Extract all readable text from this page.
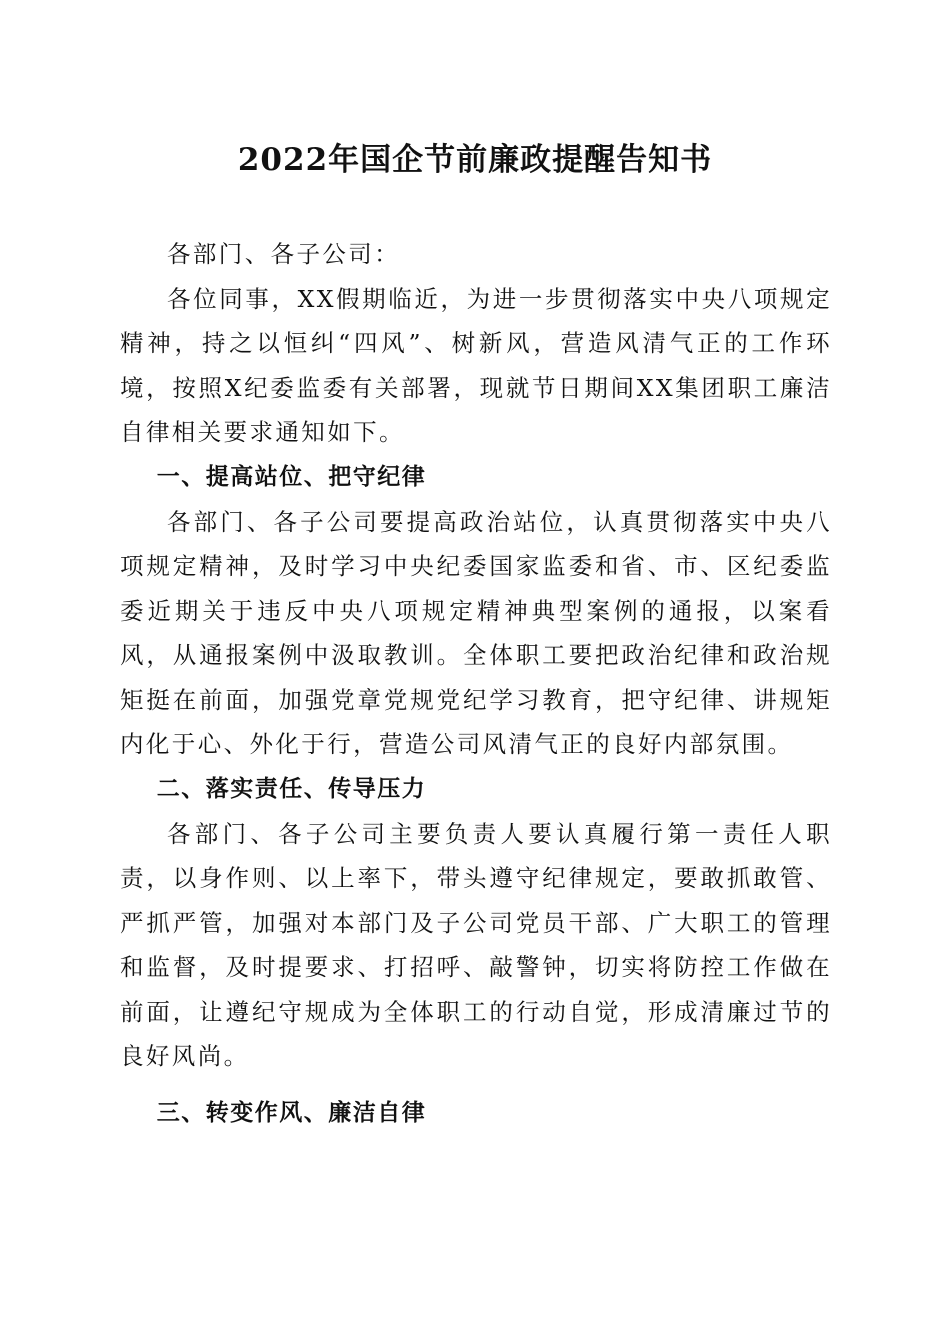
2022年国企节前廉政提醒告知书

各部门、各子公司：

各位同事，XX假期临近，为进一步贯彻落实中央八项规定精神，持之以恒纠“四风”、树新风，营造风清气正的工作环境，按照X纪委监委有关部署，现就节日期间XX集团职工廉洁自律相关要求通知如下。

一、提高站位、把守纪律

各部门、各子公司要提高政治站位，认真贯彻落实中央八项规定精神，及时学习中央纪委国家监委和省、市、区纪委监委近期关于违反中央八项规定精神典型案例的通报，以案看风，从通报案例中汲取教训。全体职工要把政治纪律和政治规矩挺在前面，加强党章党规党纪学习教育，把守纪律、讲规矩内化于心、外化于行，营造公司风清气正的良好内部氛围。

二、落实责任、传导压力

各部门、各子公司主要负责人要认真履行第一责任人职责，以身作则、以上率下，带头遵守纪律规定，要敢抓敢管、严抓严管，加强对本部门及子公司党员干部、广大职工的管理和监督，及时提要求、打招呼、敲警钟，切实将防控工作做在前面，让遵纪守规成为全体职工的行动自觉，形成清廉过节的良好风尚。

三、转变作风、廉洁自律
